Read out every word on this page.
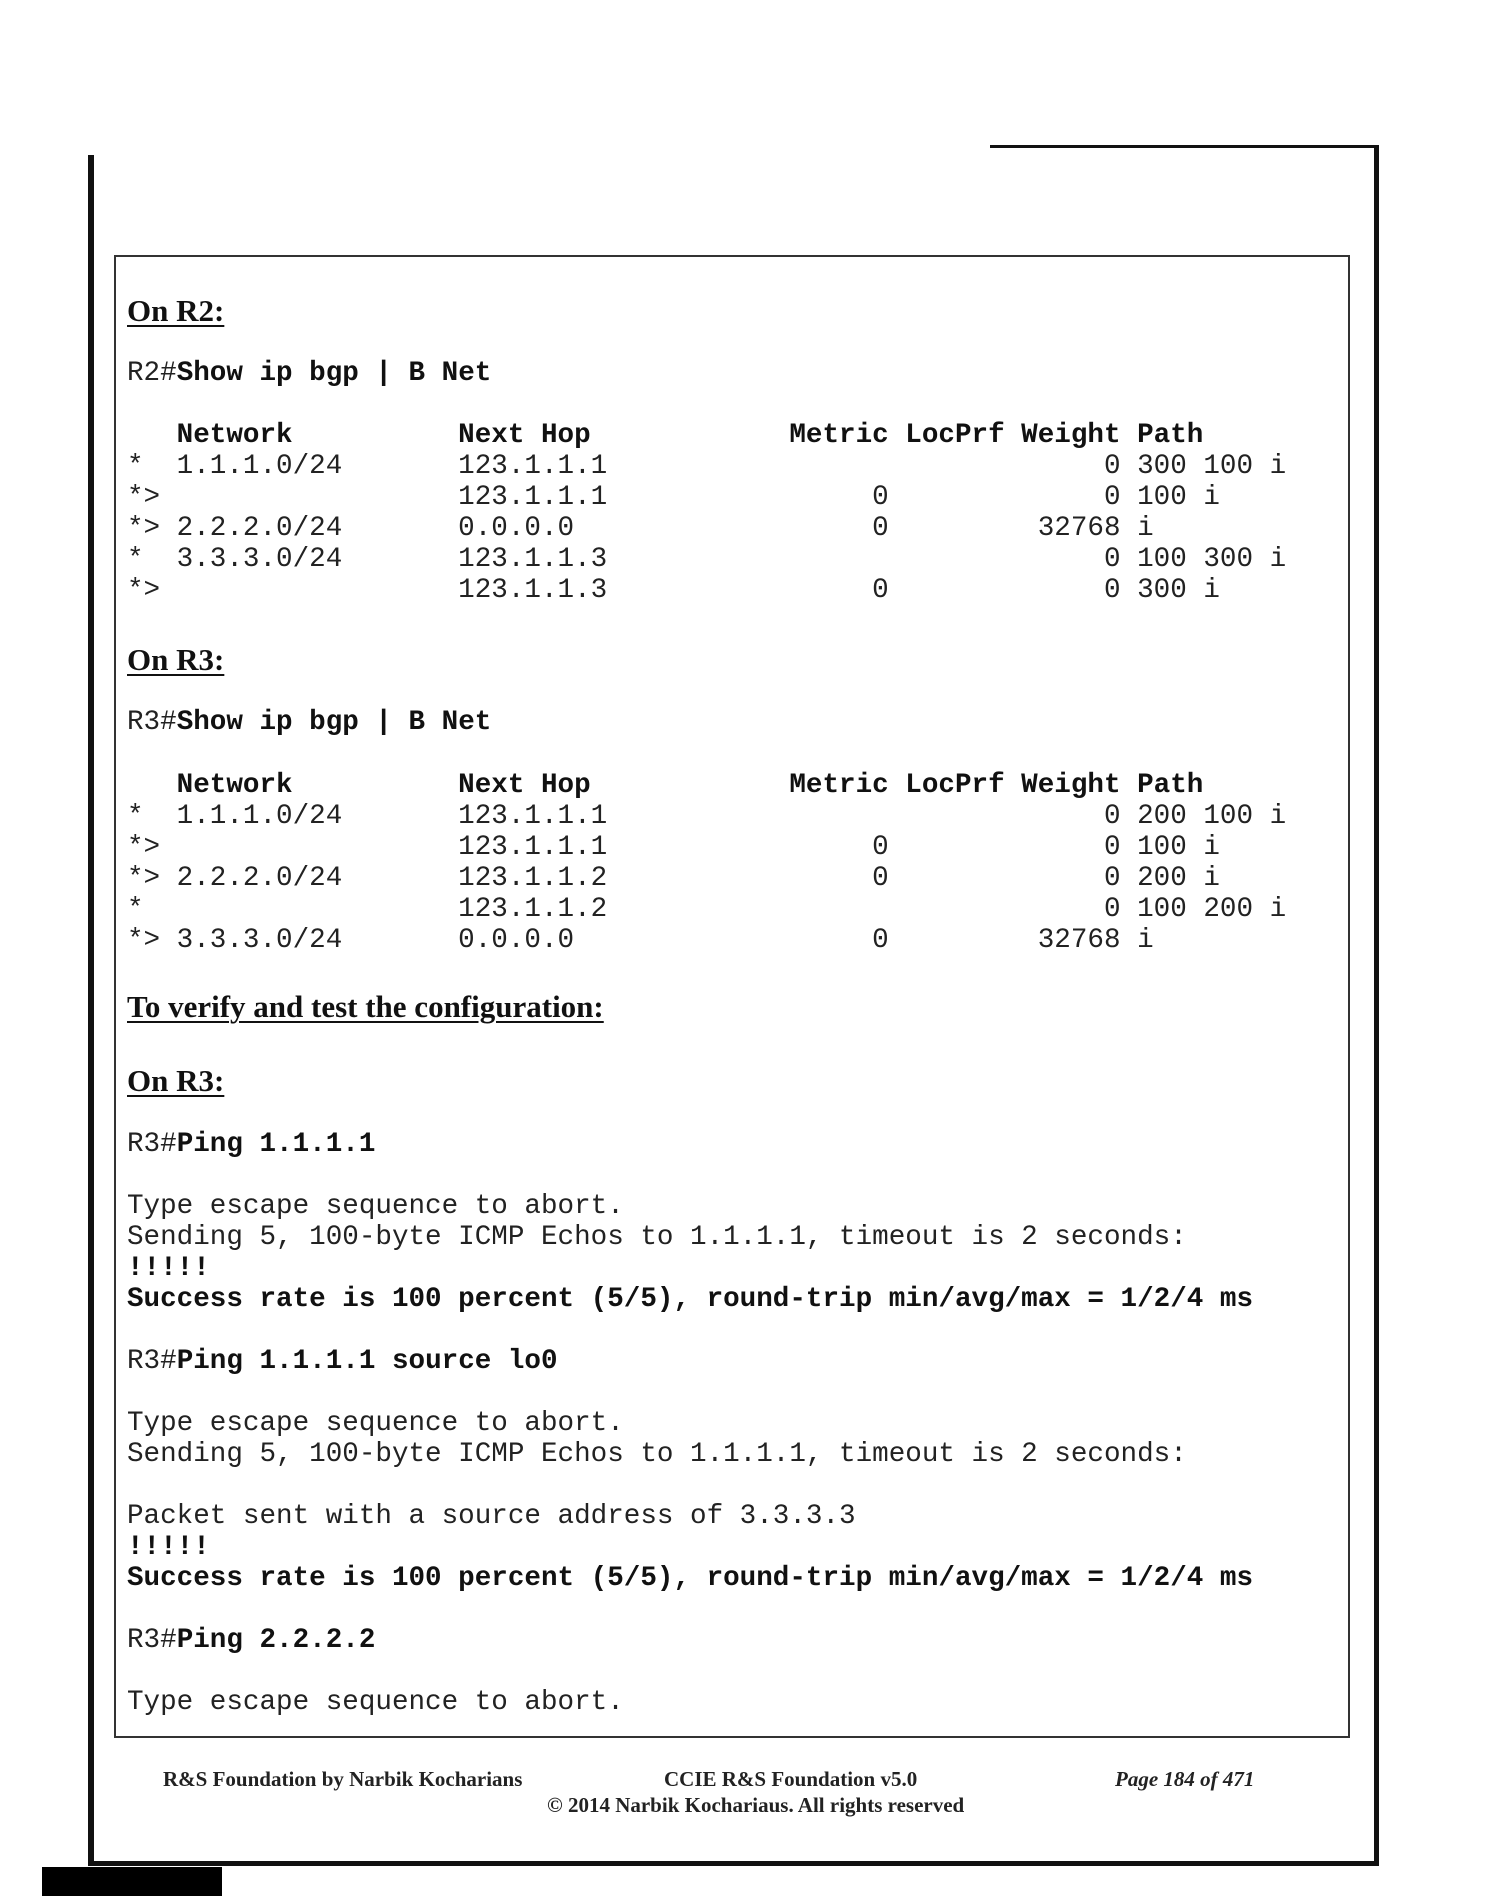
On R2:
R2#Show ip bgp | B Net
Network          Next Hop            Metric LocPrf Weight Path
*  1.1.1.0/24       123.1.1.1                              0 300 100 i
*>                  123.1.1.1                0             0 100 i
*> 2.2.2.0/24       0.0.0.0                  0         32768 i
*  3.3.3.0/24       123.1.1.3                              0 100 300 i
*>                  123.1.1.3                0             0 300 i
On R3:
R3#Show ip bgp | B Net
Network          Next Hop            Metric LocPrf Weight Path
*  1.1.1.0/24       123.1.1.1                              0 200 100 i
*>                  123.1.1.1                0             0 100 i
*> 2.2.2.0/24       123.1.1.2                0             0 200 i
*                   123.1.1.2                              0 100 200 i
*> 3.3.3.0/24       0.0.0.0                  0         32768 i
To verify and test the configuration:
On R3:
R3#Ping 1.1.1.1

Type escape sequence to abort.
Sending 5, 100-byte ICMP Echos to 1.1.1.1, timeout is 2 seconds:
!!!!!
Success rate is 100 percent (5/5), round-trip min/avg/max = 1/2/4 ms
R3#Ping 1.1.1.1 source lo0

Type escape sequence to abort.
Sending 5, 100-byte ICMP Echos to 1.1.1.1, timeout is 2 seconds:

Packet sent with a source address of 3.3.3.3
!!!!!
Success rate is 100 percent (5/5), round-trip min/avg/max = 1/2/4 ms
R3#Ping 2.2.2.2

Type escape sequence to abort.
R&S Foundation by Narbik Kocharians	CCIE R&S Foundation v5.0	Page 184 of 471
© 2014 Narbik Kochariaus. All rights reserved
